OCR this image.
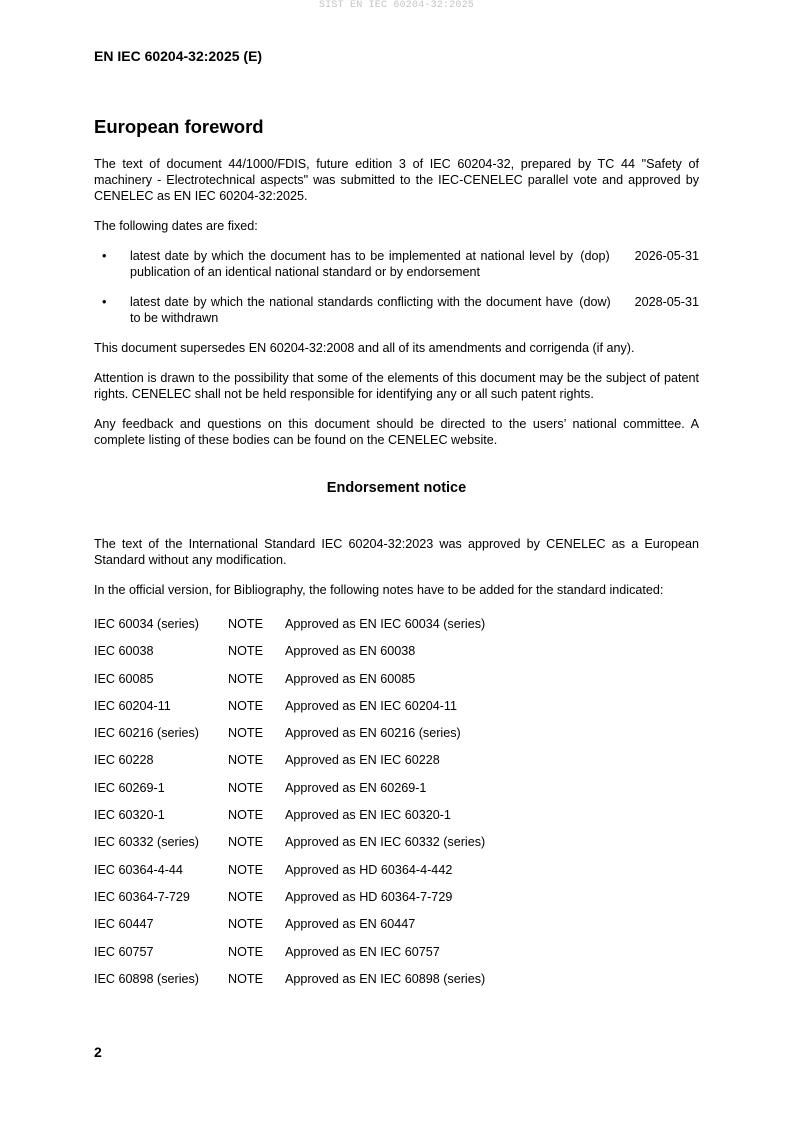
SIST EN IEC 60204-32:2025
EN IEC 60204-32:2025 (E)
European foreword

The text of document 44/1000/FDIS, future edition 3 of IEC 60204-32, prepared by TC 44 "Safety of machinery - Electrotechnical aspects" was submitted to the IEC-CENELEC parallel vote and approved by CENELEC as EN IEC 60204-32:2025.

The following dates are fixed:

•	latest date by which the document has to be implemented at national level by publication of an identical national standard or by endorsement
(dop)	2026-05-31
•	latest date by which the national standards conflicting with the document have to be withdrawn
(dow)	2028-05-31

This document supersedes EN 60204-32:2008 and all of its amendments and corrigenda (if any).

Attention is drawn to the possibility that some of the elements of this document may be the subject of patent rights. CENELEC shall not be held responsible for identifying any or all such patent rights.

Any feedback and questions on this document should be directed to the users’ national committee. A complete listing of these bodies can be found on the CENELEC website.

Endorsement notice

The text of the International Standard IEC 60204-32:2023 was approved by CENELEC as a European Standard without any modification.

In the official version, for Bibliography, the following notes have to be added for the standard indicated:

IEC 60034 (series)	NOTE	Approved as EN IEC 60034 (series)
IEC 60038	NOTE	Approved as EN 60038
IEC 60085	NOTE	Approved as EN 60085
IEC 60204-11	NOTE	Approved as EN IEC 60204-11
IEC 60216 (series)	NOTE	Approved as EN 60216 (series)
IEC 60228	NOTE	Approved as EN IEC 60228
IEC 60269-1	NOTE	Approved as EN 60269-1
IEC 60320-1	NOTE	Approved as EN IEC 60320-1
IEC 60332 (series)	NOTE	Approved as EN IEC 60332 (series)
IEC 60364-4-44	NOTE	Approved as HD 60364-4-442
IEC 60364-7-729	NOTE	Approved as HD 60364-7-729
IEC 60447	NOTE	Approved as EN 60447
IEC 60757	NOTE	Approved as EN IEC 60757
IEC 60898 (series)	NOTE	Approved as EN IEC 60898 (series)
2
